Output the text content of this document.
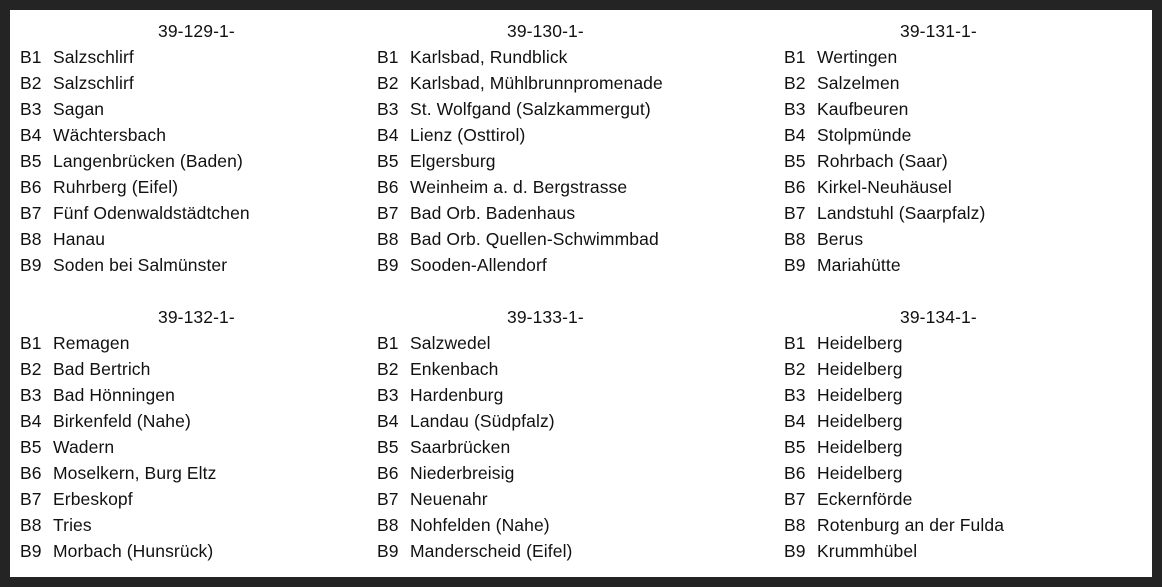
39-129-1-
B1 Salzschlirf
B2 Salzschlirf
B3 Sagan
B4 Wächtersbach
B5 Langenbrücken (Baden)
B6 Ruhrberg (Eifel)
B7 Fünf Odenwaldstädtchen
B8 Hanau
B9 Soden bei Salmünster
39-130-1-
B1 Karlsbad, Rundblick
B2 Karlsbad, Mühlbrunnpromenade
B3 St. Wolfgand (Salzkammergut)
B4 Lienz (Osttirol)
B5 Elgersburg
B6 Weinheim a. d. Bergstrasse
B7 Bad Orb. Badenhaus
B8 Bad Orb. Quellen-Schwimmbad
B9 Sooden-Allendorf
39-131-1-
B1 Wertingen
B2 Salzelmen
B3 Kaufbeuren
B4 Stolpmünde
B5 Rohrbach (Saar)
B6 Kirkel-Neuhäusel
B7 Landstuhl (Saarpfalz)
B8 Berus
B9 Mariahütte
39-132-1-
B1 Remagen
B2 Bad Bertrich
B3 Bad Hönningen
B4 Birkenfeld (Nahe)
B5 Wadern
B6 Moselkern, Burg Eltz
B7 Erbeskopf
B8 Tries
B9 Morbach (Hunsrück)
39-133-1-
B1 Salzwedel
B2 Enkenbach
B3 Hardenburg
B4 Landau (Südpfalz)
B5 Saarbrücken
B6 Niederbreisig
B7 Neuenahr
B8 Nohfelden (Nahe)
B9 Manderscheid (Eifel)
39-134-1-
B1 Heidelberg
B2 Heidelberg
B3 Heidelberg
B4 Heidelberg
B5 Heidelberg
B6 Heidelberg
B7 Eckernförde
B8 Rotenburg an der Fulda
B9 Krummhübel
